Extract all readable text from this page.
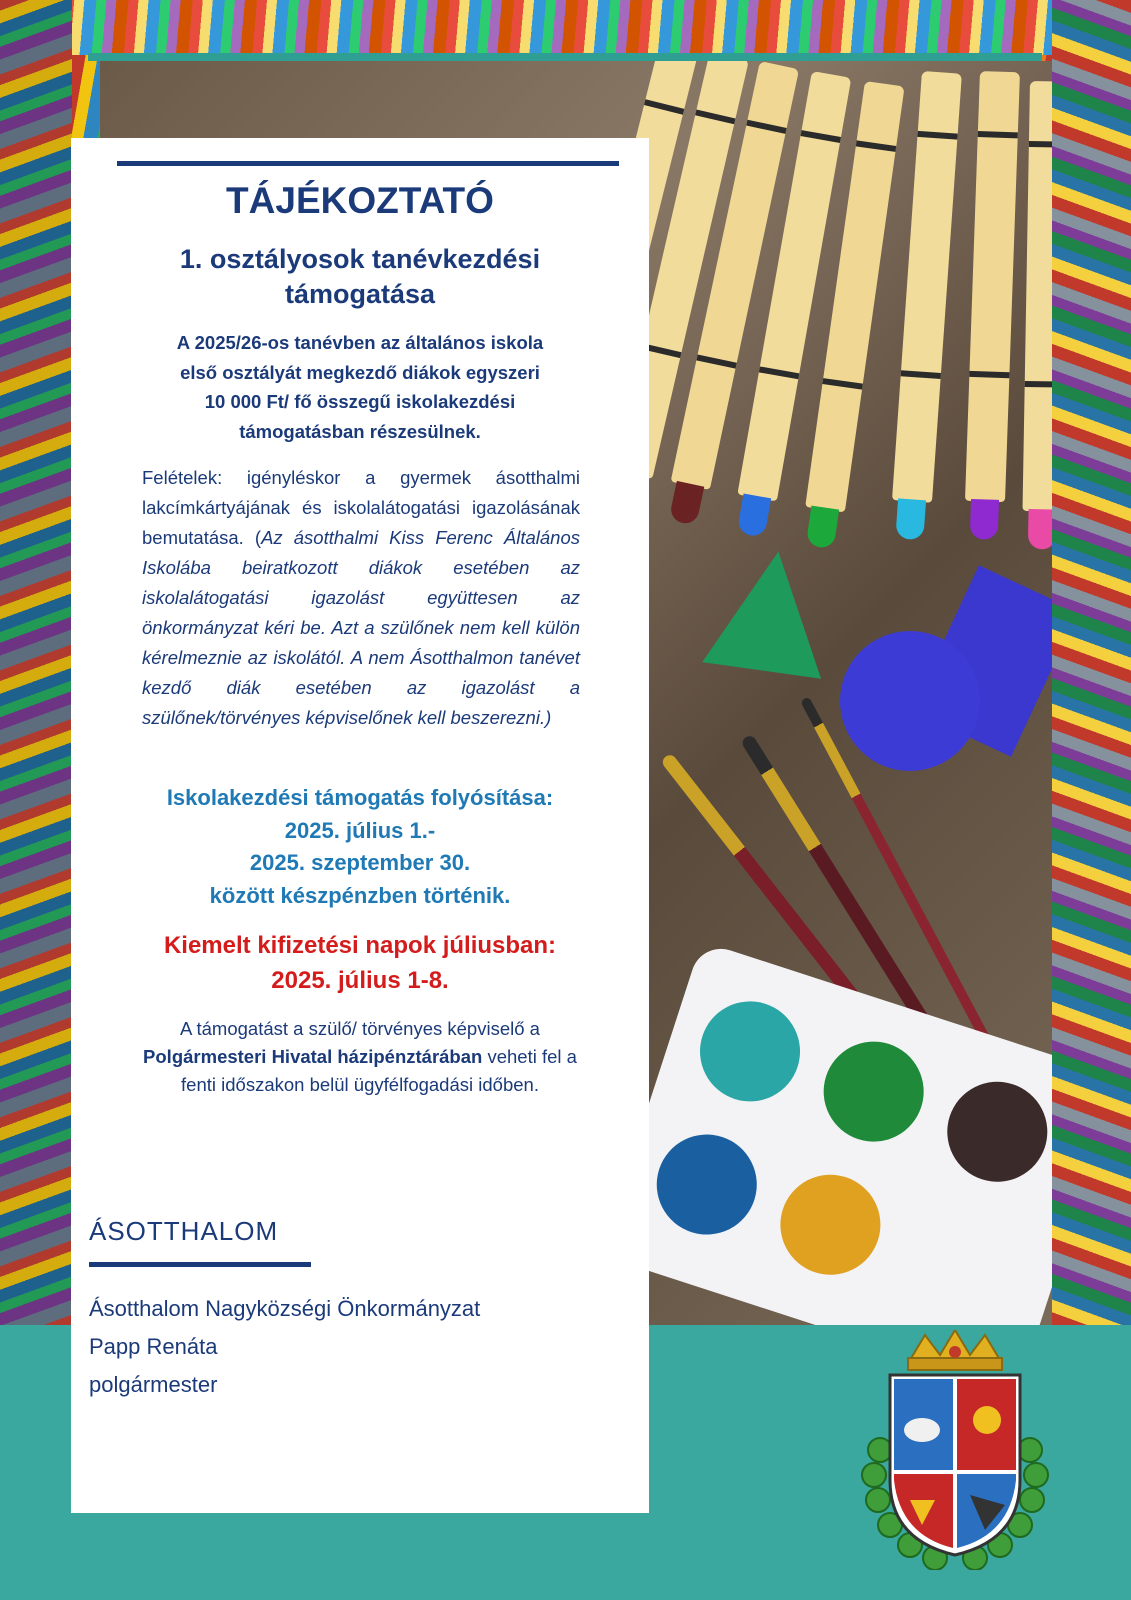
TÁJÉKOZTATÓ
1. osztályosok tanévkezdési
támogatása
A 2025/26-os tanévben az általános iskola
első osztályát megkezdő diákok egyszeri
10 000 Ft/ fő összegű iskolakezdési
támogatásban részesülnek.
Felételek: igényléskor a gyermek ásotthalmi lakcímkártyájának és iskolalátogatási igazolásának bemutatása. (Az ásotthalmi Kiss Ferenc Általános Iskolába beiratkozott diákok esetében az iskolalátogatási igazolást együttesen az önkormányzat kéri be. Azt a szülőnek nem kell külön kérelmeznie az iskolától. A nem Ásotthalmon tanévet kezdő diák esetében az igazolást a szülőnek/törvényes képviselőnek kell beszerezni.)
Iskolakezdési támogatás folyósítása:
2025. július 1.-
2025. szeptember 30.
között készpénzben történik.
Kiemelt kifizetési napok júliusban:
2025. július 1-8.
A támogatást a szülő/ törvényes képviselő a
Polgármesteri Hivatal házipénztárában veheti fel a fenti időszakon belül ügyfélfogadási időben.
ÁSOTTHALOM
Ásotthalom Nagyközségi Önkormányzat
Papp Renáta
polgármester
